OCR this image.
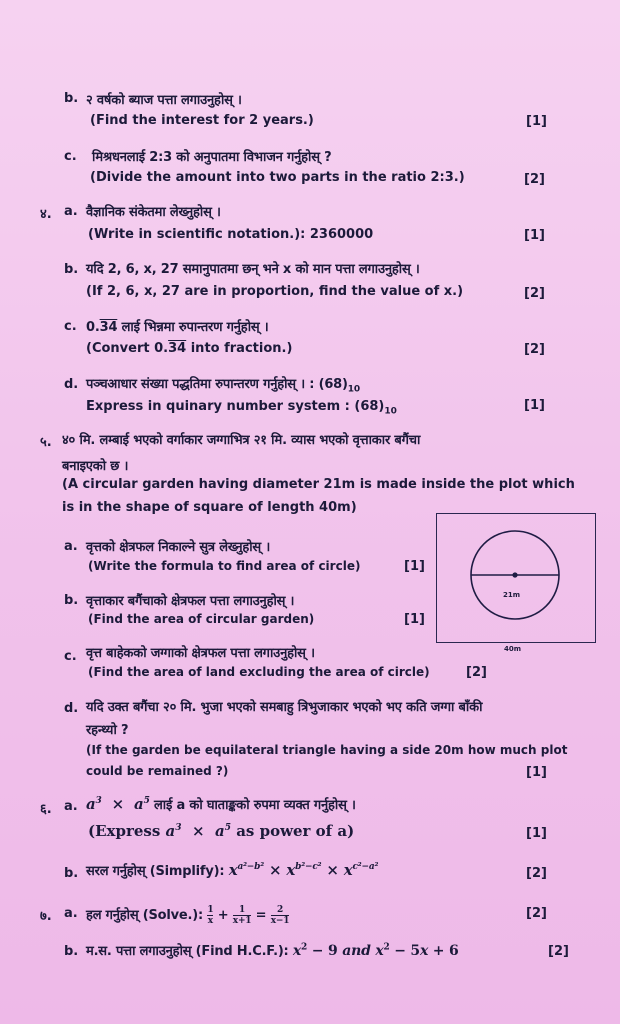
b. २ वर्षको ब्याज पत्ता लगाउनुहोस् ।
(Find the interest for 2 years.)	[1]
c. मिश्रधनलाई 2:3 को अनुपातमा विभाजन गर्नुहोस् ?
(Divide the amount into two parts in the ratio 2:3.)	[2]
४. a. वैज्ञानिक संकेतमा लेख्नुहोस् ।
(Write in scientific notation.): 2360000	[1]
b. यदि 2, 6, x, 27 समानुपातमा छन् भने x को मान पत्ता लगाउनुहोस् ।
(If 2, 6, x, 27 are in proportion, find the value of x.)	[2]
c. 0.34 लाई भिन्नमा रुपान्तरण गर्नुहोस् ।
(Convert 0.34 into fraction.)	[2]
d. पञ्चआधार संख्या पद्धतिमा रुपान्तरण गर्नुहोस् । : $(68)_{10}$
Express in quinary number system : $(68)_{10}$	[1]
५. ४० मि. लम्बाई भएको वर्गाकार जग्गाभित्र २१ मि. व्यास भएको वृत्ताकार बगैंचा
बनाइएको छ ।
(A circular garden having diameter 21m is made inside the plot which
is in the shape of square of length 40m)
21m
40m
a. वृत्तको क्षेत्रफल निकाल्ने सुत्र लेख्नुहोस् ।
(Write the formula to find area of circle)	[1]
b. वृत्ताकार बगैंचाको क्षेत्रफल पत्ता लगाउनुहोस् ।
(Find the area of circular garden)	[1]
c. वृत्त बाहेकको जग्गाको क्षेत्रफल पत्ता लगाउनुहोस् ।
(Find the area of land excluding the area of circle)	[2]
d. यदि उक्त बगैंचा २० मि. भुजा भएको समबाहु त्रिभुजाकार भएको भए कति जग्गा बाँकी
रहन्थ्यो ?
(If the garden be equilateral triangle having a side 20m how much plot
could be remained ?)	[1]
६. a. $a^3 \times a^5$ लाई a को घाताङ्कको रुपमा व्यक्त गर्नुहोस् ।
(Express $a^3 \times a^5$ as power of a)	[1]
b. सरल गर्नुहोस् (Simplify): $x^{a^2-b^2} \times x^{b^2-c^2} \times x^{c^2-a^2}$	[2]
७. a. हल गर्नुहोस् (Solve.): $\frac{1}{x} + \frac{1}{x+1} = \frac{2}{x-1}$	[2]
b. म.स. पत्ता लगाउनुहोस् (Find H.C.F.): $x^2 - 9$ and $x^2 - 5x + 6$	[2]
